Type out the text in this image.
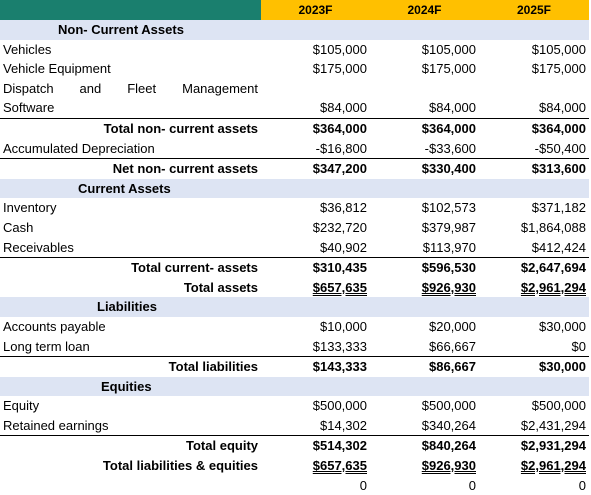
	2023F	2024F	2025F
Non- Current Assets			
Vehicles	$105,000	$105,000	$105,000
Vehicle Equipment	$175,000	$175,000	$175,000
Dispatch and Fleet Management			
Software	$84,000	$84,000	$84,000
Total non- current assets	$364,000	$364,000	$364,000
Accumulated Depreciation	-$16,800	-$33,600	-$50,400
Net non- current assets	$347,200	$330,400	$313,600
Current Assets			
Inventory	$36,812	$102,573	$371,182
Cash	$232,720	$379,987	$1,864,088
Receivables	$40,902	$113,970	$412,424
Total current- assets	$310,435	$596,530	$2,647,694
Total assets	$657,635	$926,930	$2,961,294
Liabilities			
Accounts payable	$10,000	$20,000	$30,000
Long term loan	$133,333	$66,667	$0
Total liabilities	$143,333	$86,667	$30,000
Equities			
Equity	$500,000	$500,000	$500,000
Retained earnings	$14,302	$340,264	$2,431,294
Total equity	$514,302	$840,264	$2,931,294
Total liabilities & equities	$657,635	$926,930	$2,961,294
	0	0	0
